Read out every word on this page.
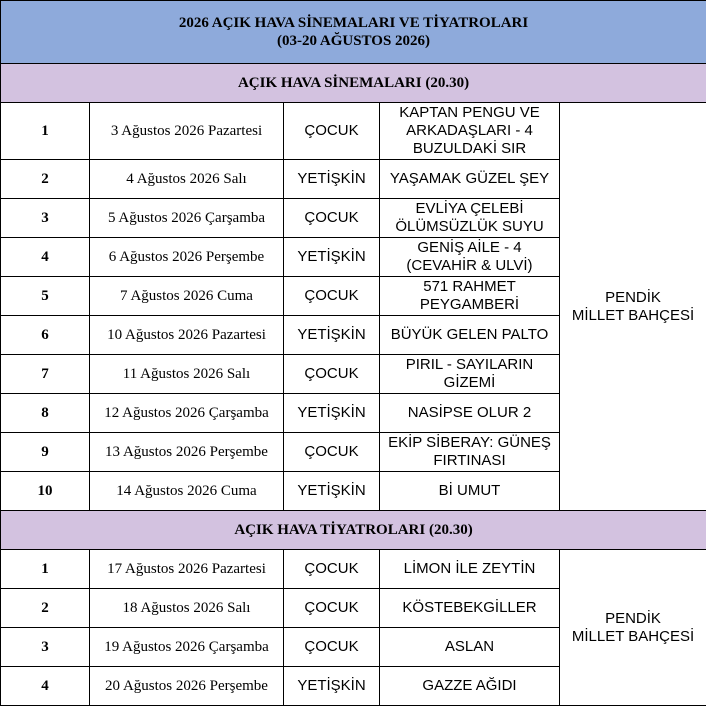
2026 AÇIK HAVA SİNEMALARI VE TİYATROLARI
(03-20 AĞUSTOS 2026)				

AÇIK HAVA SİNEMALARI (20.30)				
1	3 Ağustos 2026 Pazartesi	ÇOCUK	KAPTAN PENGU VE ARKADAŞLARI - 4 BUZULDAKİ SIR	PENDİK
MİLLET BAHÇESİ

2	4 Ağustos 2026 Salı	YETİŞKİN	YAŞAMAK GÜZEL ŞEY	
3	5 Ağustos 2026 Çarşamba	ÇOCUK	EVLİYA ÇELEBİ ÖLÜMSÜZLÜK SUYU	
4	6 Ağustos 2026 Perşembe	YETİŞKİN	GENİŞ AİLE - 4 (CEVAHİR & ULVİ)	
5	7 Ağustos 2026 Cuma	ÇOCUK	571 RAHMET PEYGAMBERİ	
6	10 Ağustos 2026 Pazartesi	YETİŞKİN	BÜYÜK GELEN PALTO	
7	11 Ağustos 2026 Salı	ÇOCUK	PIRIL - SAYILARIN GİZEMİ	
8	12 Ağustos 2026 Çarşamba	YETİŞKİN	NASİPSE OLUR 2	
9	13 Ağustos 2026 Perşembe	ÇOCUK	EKİP SİBERAY: GÜNEŞ FIRTINASI	
10	14 Ağustos 2026 Cuma	YETİŞKİN	Bİ UMUT	
AÇIK HAVA TİYATROLARI (20.30)				
1	17 Ağustos 2026 Pazartesi	ÇOCUK	LİMON İLE ZEYTİN	PENDİK
MİLLET BAHÇESİ

2	18 Ağustos 2026 Salı	ÇOCUK	KÖSTEBEKGİLLER	
3	19 Ağustos 2026 Çarşamba	ÇOCUK	ASLAN	
4	20 Ağustos 2026 Perşembe	YETİŞKİN	GAZZE AĞIDI	
